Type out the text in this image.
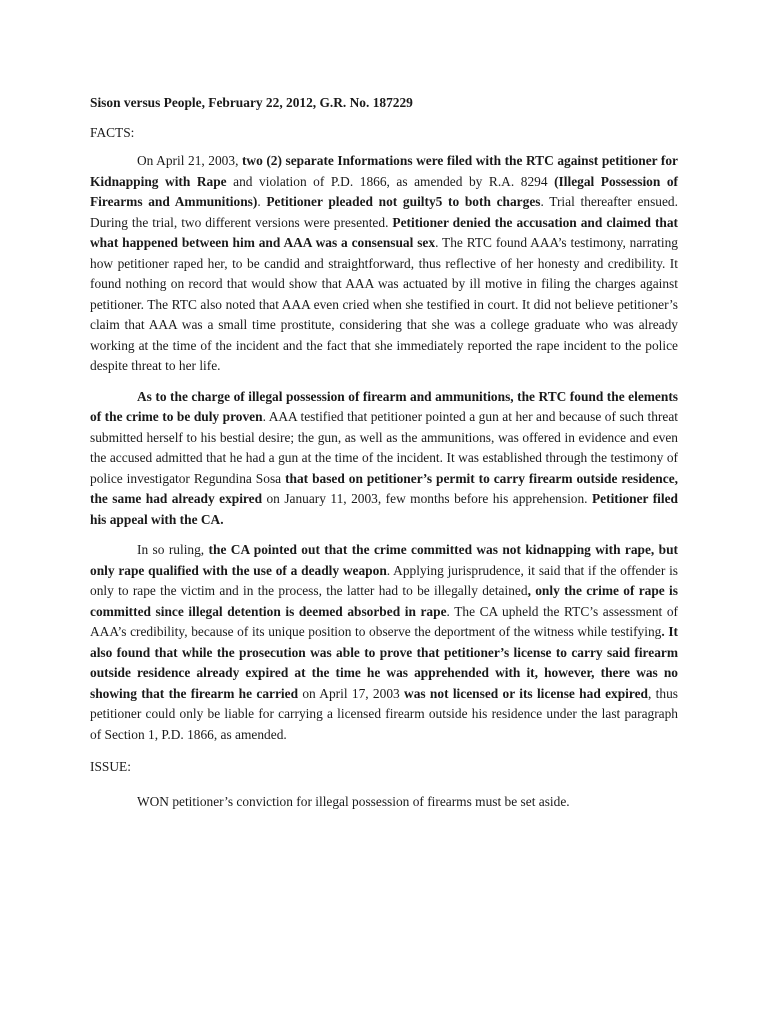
Sison versus People, February 22, 2012, G.R. No. 187229
FACTS:

On April 21, 2003, two (2) separate Informations were filed with the RTC against petitioner for Kidnapping with Rape and violation of P.D. 1866, as amended by R.A. 8294 (Illegal Possession of Firearms and Ammunitions). Petitioner pleaded not guilty5 to both charges. Trial thereafter ensued. During the trial, two different versions were presented. Petitioner denied the accusation and claimed that what happened between him and AAA was a consensual sex. The RTC found AAA’s testimony, narrating how petitioner raped her, to be candid and straightforward, thus reflective of her honesty and credibility. It found nothing on record that would show that AAA was actuated by ill motive in filing the charges against petitioner. The RTC also noted that AAA even cried when she testified in court. It did not believe petitioner’s claim that AAA was a small time prostitute, considering that she was a college graduate who was already working at the time of the incident and the fact that she immediately reported the rape incident to the police despite threat to her life.

As to the charge of illegal possession of firearm and ammunitions, the RTC found the elements of the crime to be duly proven. AAA testified that petitioner pointed a gun at her and because of such threat submitted herself to his bestial desire; the gun, as well as the ammunitions, was offered in evidence and even the accused admitted that he had a gun at the time of the incident. It was established through the testimony of police investigator Regundina Sosa that based on petitioner’s permit to carry firearm outside residence, the same had already expired on January 11, 2003, few months before his apprehension. Petitioner filed his appeal with the CA.

In so ruling, the CA pointed out that the crime committed was not kidnapping with rape, but only rape qualified with the use of a deadly weapon. Applying jurisprudence, it said that if the offender is only to rape the victim and in the process, the latter had to be illegally detained, only the crime of rape is committed since illegal detention is deemed absorbed in rape. The CA upheld the RTC’s assessment of AAA’s credibility, because of its unique position to observe the deportment of the witness while testifying. It also found that while the prosecution was able to prove that petitioner’s license to carry said firearm outside residence already expired at the time he was apprehended with it, however, there was no showing that the firearm he carried on April 17, 2003 was not licensed or its license had expired, thus petitioner could only be liable for carrying a licensed firearm outside his residence under the last paragraph of Section 1, P.D. 1866, as amended.

ISSUE:

WON petitioner’s conviction for illegal possession of firearms must be set aside.
